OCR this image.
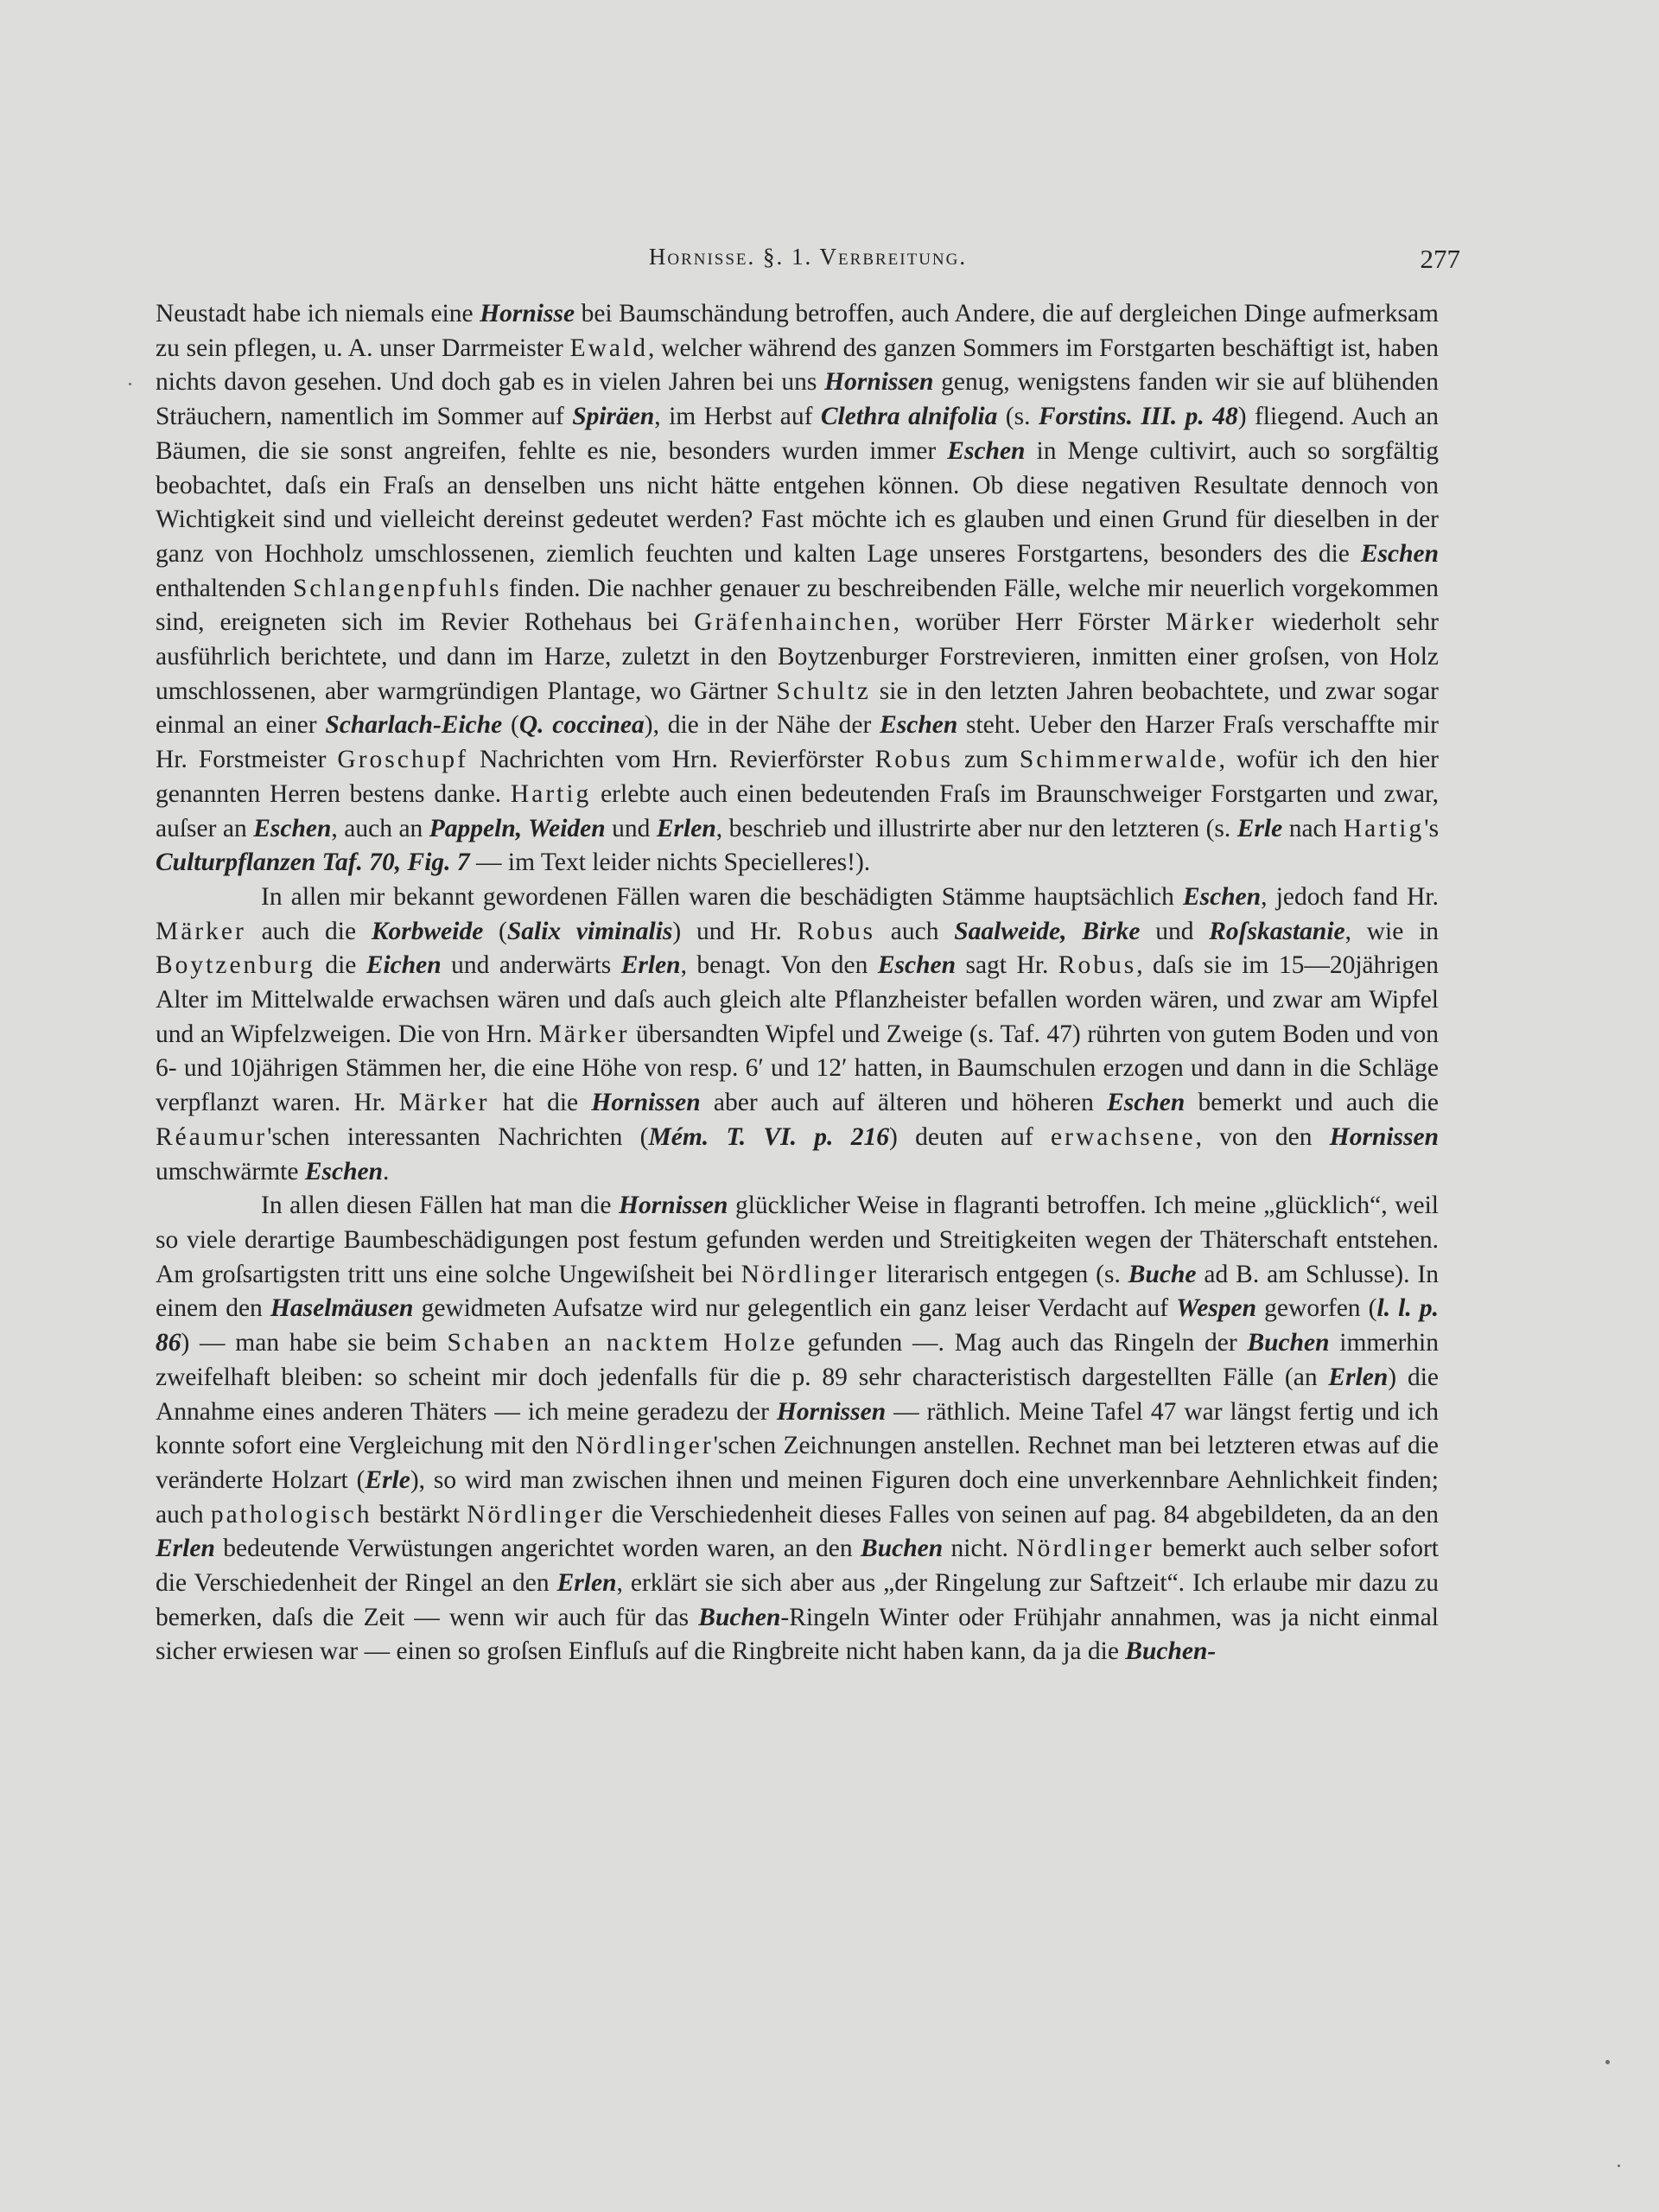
Hornisse. §. 1. Verbreitung.	277

Neustadt habe ich niemals eine Hornisse bei Baumschändung betroffen, auch Andere, die auf dergleichen Dinge aufmerksam zu sein pflegen, u. A. unser Darrmeister Ewald, welcher während des ganzen Sommers im Forstgarten beschäftigt ist, haben nichts davon gesehen. Und doch gab es in vielen Jahren bei uns Hornissen genug, wenigstens fanden wir sie auf blühenden Sträuchern, namentlich im Sommer auf Spiräen, im Herbst auf Clethra alnifolia (s. Forstins. III. p. 48) fliegend. Auch an Bäumen, die sie sonst angreifen, fehlte es nie, besonders wurden immer Eschen in Menge cultivirt, auch so sorgfältig beobachtet, daſs ein Fraſs an denselben uns nicht hätte entgehen können. Ob diese negativen Resultate dennoch von Wichtigkeit sind und vielleicht dereinst gedeutet werden? Fast möchte ich es glauben und einen Grund für dieselben in der ganz von Hochholz umschlossenen, ziemlich feuchten und kalten Lage unseres Forstgartens, besonders des die Eschen enthaltenden Schlangenpfuhls finden. Die nachher genauer zu beschreibenden Fälle, welche mir neuerlich vorgekommen sind, ereigneten sich im Revier Rothehaus bei Gräfenhainchen, worüber Herr Förster Märker wiederholt sehr ausführlich berichtete, und dann im Harze, zuletzt in den Boytzenburger Forstrevieren, inmitten einer groſsen, von Holz umschlossenen, aber warmgründigen Plantage, wo Gärtner Schultz sie in den letzten Jahren beobachtete, und zwar sogar einmal an einer Scharlach-Eiche (Q. coccinea), die in der Nähe der Eschen steht. Ueber den Harzer Fraſs verschaffte mir Hr. Forstmeister Groschupf Nachrichten vom Hrn. Revierförster Robus zum Schimmerwalde, wofür ich den hier genannten Herren bestens danke. Hartig erlebte auch einen bedeutenden Fraſs im Braunschweiger Forstgarten und zwar, auſser an Eschen, auch an Pappeln, Weiden und Erlen, beschrieb und illustrirte aber nur den letzteren (s. Erle nach Hartig's Culturpflanzen Taf. 70, Fig. 7 — im Text leider nichts Specielleres!).

In allen mir bekannt gewordenen Fällen waren die beschädigten Stämme hauptsächlich Eschen, jedoch fand Hr. Märker auch die Korbweide (Salix viminalis) und Hr. Robus auch Saalweide, Birke und Roſskastanie, wie in Boytzenburg die Eichen und anderwärts Erlen, benagt. Von den Eschen sagt Hr. Robus, daſs sie im 15—20jährigen Alter im Mittelwalde erwachsen wären und daſs auch gleich alte Pflanzheister befallen worden wären, und zwar am Wipfel und an Wipfelzweigen. Die von Hrn. Märker übersandten Wipfel und Zweige (s. Taf. 47) rührten von gutem Boden und von 6- und 10jährigen Stämmen her, die eine Höhe von resp. 6′ und 12′ hatten, in Baumschulen erzogen und dann in die Schläge verpflanzt waren. Hr. Märker hat die Hornissen aber auch auf älteren und höheren Eschen bemerkt und auch die Réaumur'schen interessanten Nachrichten (Mém. T. VI. p. 216) deuten auf erwachsene, von den Hornissen umschwärmte Eschen.

In allen diesen Fällen hat man die Hornissen glücklicher Weise in flagranti betroffen. Ich meine „glücklich“, weil so viele derartige Baumbeschädigungen post festum gefunden werden und Streitigkeiten wegen der Thäterschaft entstehen. Am groſsartigsten tritt uns eine solche Ungewiſsheit bei Nördlinger literarisch entgegen (s. Buche ad B. am Schlusse). In einem den Haselmäusen gewidmeten Aufsatze wird nur gelegentlich ein ganz leiser Verdacht auf Wespen geworfen (l. l. p. 86) — man habe sie beim Schaben an nacktem Holze gefunden —. Mag auch das Ringeln der Buchen immerhin zweifelhaft bleiben: so scheint mir doch jedenfalls für die p. 89 sehr characteristisch dargestellten Fälle (an Erlen) die Annahme eines anderen Thäters — ich meine geradezu der Hornissen — räthlich. Meine Tafel 47 war längst fertig und ich konnte sofort eine Vergleichung mit den Nördlinger'schen Zeichnungen anstellen. Rechnet man bei letzteren etwas auf die veränderte Holzart (Erle), so wird man zwischen ihnen und meinen Figuren doch eine unverkennbare Aehnlichkeit finden; auch pathologisch bestärkt Nördlinger die Verschiedenheit dieses Falles von seinen auf pag. 84 abgebildeten, da an den Erlen bedeutende Verwüstungen angerichtet worden waren, an den Buchen nicht. Nördlinger bemerkt auch selber sofort die Verschiedenheit der Ringel an den Erlen, erklärt sie sich aber aus „der Ringelung zur Saftzeit“. Ich erlaube mir dazu zu bemerken, daſs die Zeit — wenn wir auch für das Buchen-Ringeln Winter oder Frühjahr annahmen, was ja nicht einmal sicher erwiesen war — einen so groſsen Einfluſs auf die Ringbreite nicht haben kann, da ja die Buchen-
